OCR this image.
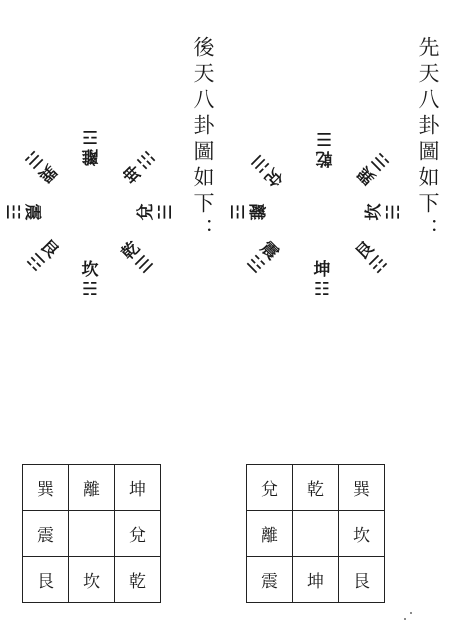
先天八卦圖如下：
後天八卦圖如下：	乾
☰
巽
☴
坎 ☵
艮
☶
坤
☷
震
☳
離
☲
兌
☱
離
☲
坤
☷
兌 ☱
乾
☰
坎
☵
艮
☶
震
☳
巽
☴
巽	離	坤
震		兌
艮	坎	乾
兌	乾	巽
離		坎
震	坤	艮
